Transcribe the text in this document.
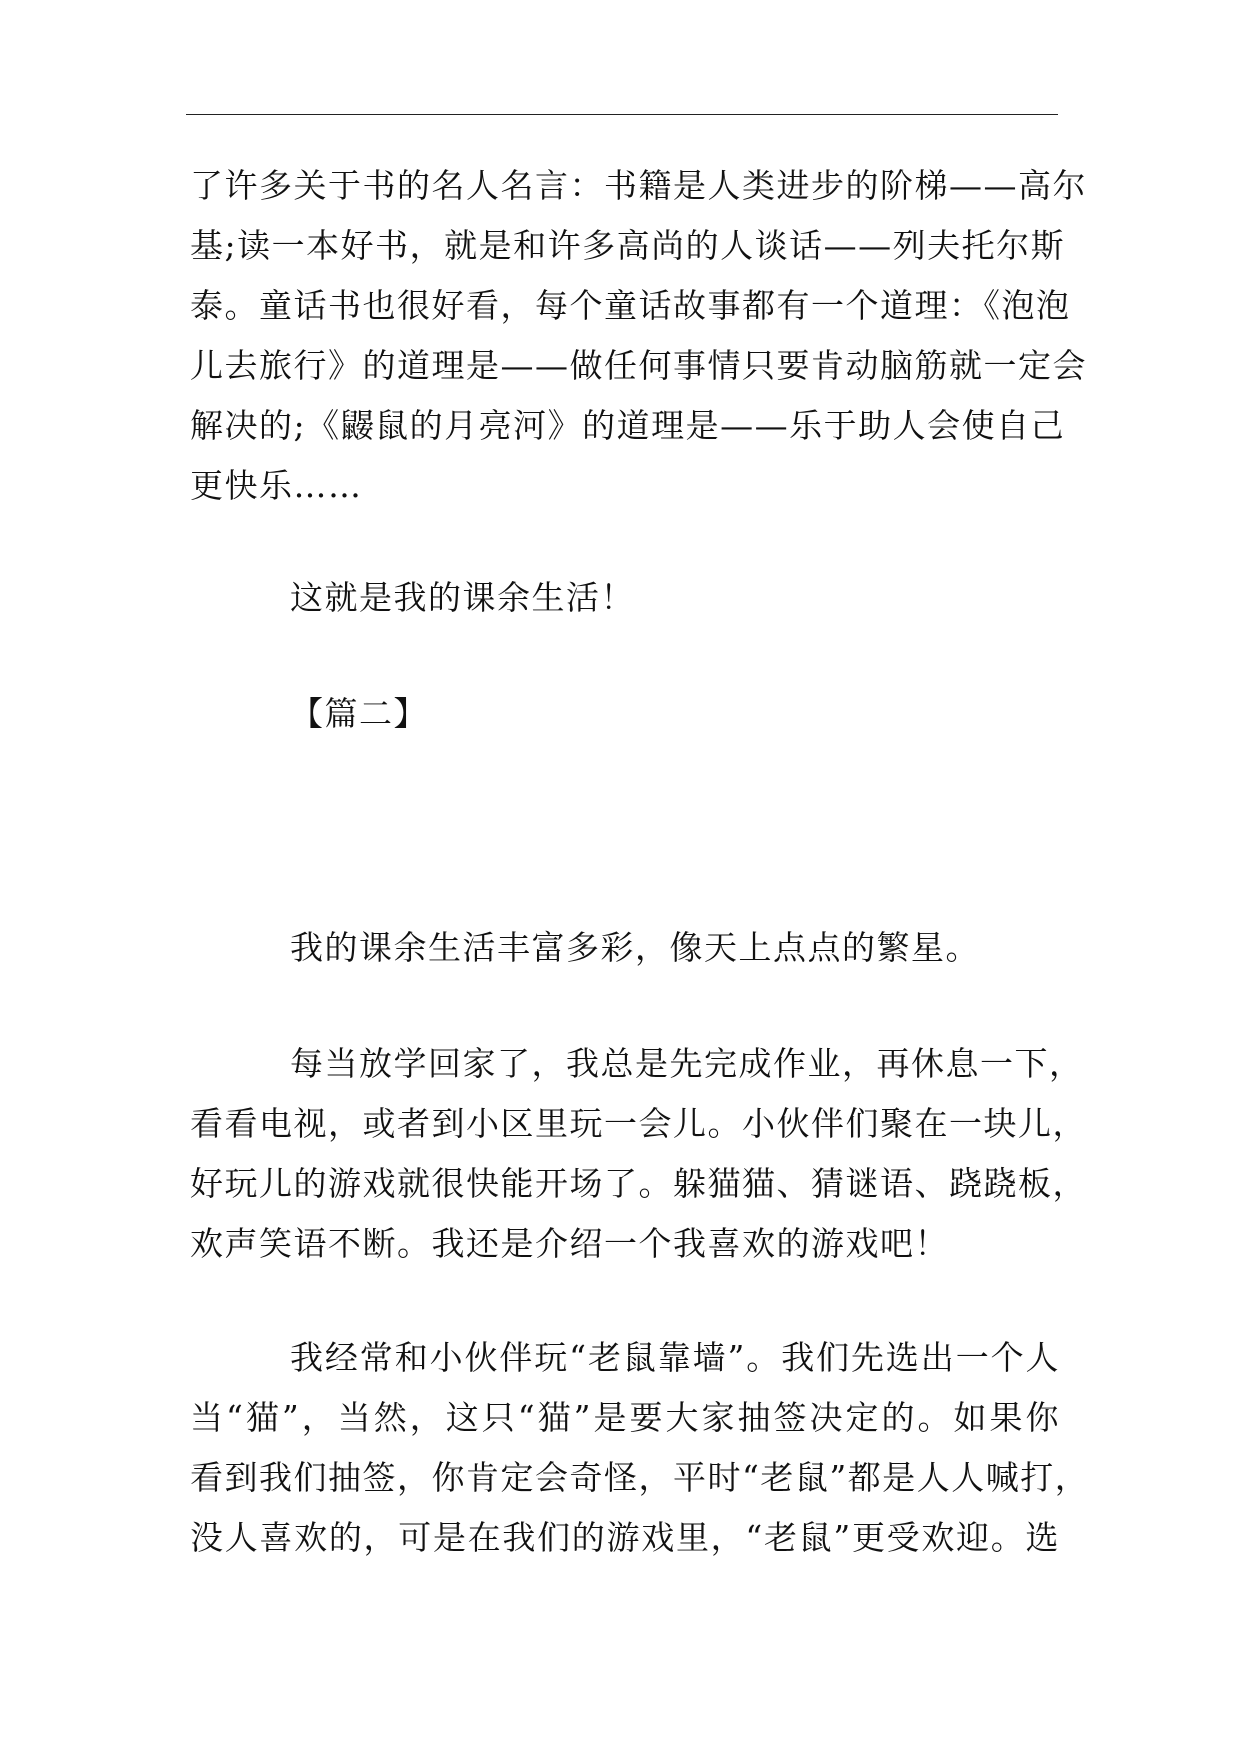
了许多关于书的名人名言：书籍是人类进步的阶梯——高尔
基;读一本好书，就是和许多高尚的人谈话——列夫托尔斯
泰。童话书也很好看，每个童话故事都有一个道理：《泡泡
儿去旅行》的道理是——做任何事情只要肯动脑筋就一定会
解决的;《鼹鼠的月亮河》的道理是——乐于助人会使自己
更快乐……
这就是我的课余生活！
【篇二】
我的课余生活丰富多彩，像天上点点的繁星。
每当放学回家了，我总是先完成作业，再休息一下，
看看电视，或者到小区里玩一会儿。小伙伴们聚在一块儿，
好玩儿的游戏就很快能开场了。躲猫猫、猜谜语、跷跷板，
欢声笑语不断。我还是介绍一个我喜欢的游戏吧！
我经常和小伙伴玩“老鼠靠墙”。我们先选出一个人
当“猫”，当然，这只“猫”是要大家抽签决定的。如果你
看到我们抽签，你肯定会奇怪，平时“老鼠”都是人人喊打，
没人喜欢的，可是在我们的游戏里，“老鼠”更受欢迎。选
